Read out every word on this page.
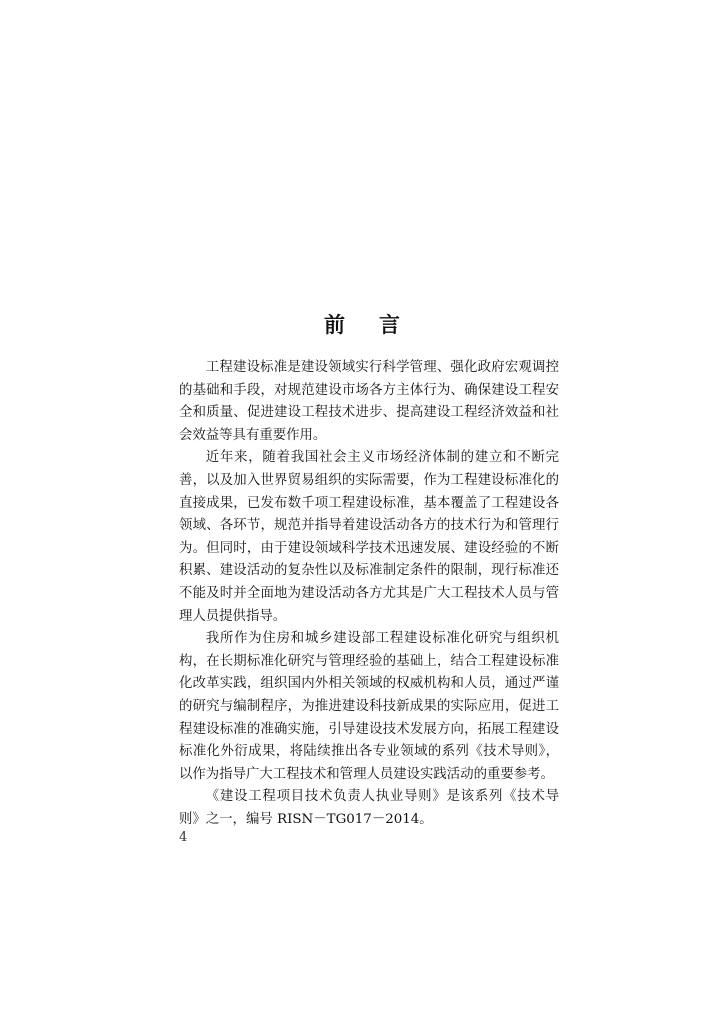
前言

工程建设标准是建设领域实行科学管理、强化政府宏观调控的基础和手段，对规范建设市场各方主体行为、确保建设工程安全和质量、促进建设工程技术进步、提高建设工程经济效益和社会效益等具有重要作用。

近年来，随着我国社会主义市场经济体制的建立和不断完善，以及加入世界贸易组织的实际需要，作为工程建设标准化的直接成果，已发布数千项工程建设标准，基本覆盖了工程建设各领域、各环节，规范并指导着建设活动各方的技术行为和管理行为。但同时，由于建设领域科学技术迅速发展、建设经验的不断积累、建设活动的复杂性以及标准制定条件的限制，现行标准还不能及时并全面地为建设活动各方尤其是广大工程技术人员与管理人员提供指导。

我所作为住房和城乡建设部工程建设标准化研究与组织机构，在长期标准化研究与管理经验的基础上，结合工程建设标准化改革实践，组织国内外相关领域的权威机构和人员，通过严谨的研究与编制程序，为推进建设科技新成果的实际应用，促进工程建设标准的准确实施，引导建设技术发展方向，拓展工程建设标准化外衍成果，将陆续推出各专业领域的系列《技术导则》，以作为指导广大工程技术和管理人员建设实践活动的重要参考。

《建设工程项目技术负责人执业导则》是该系列《技术导则》之一，编号 RISN－TG017－2014。

4
